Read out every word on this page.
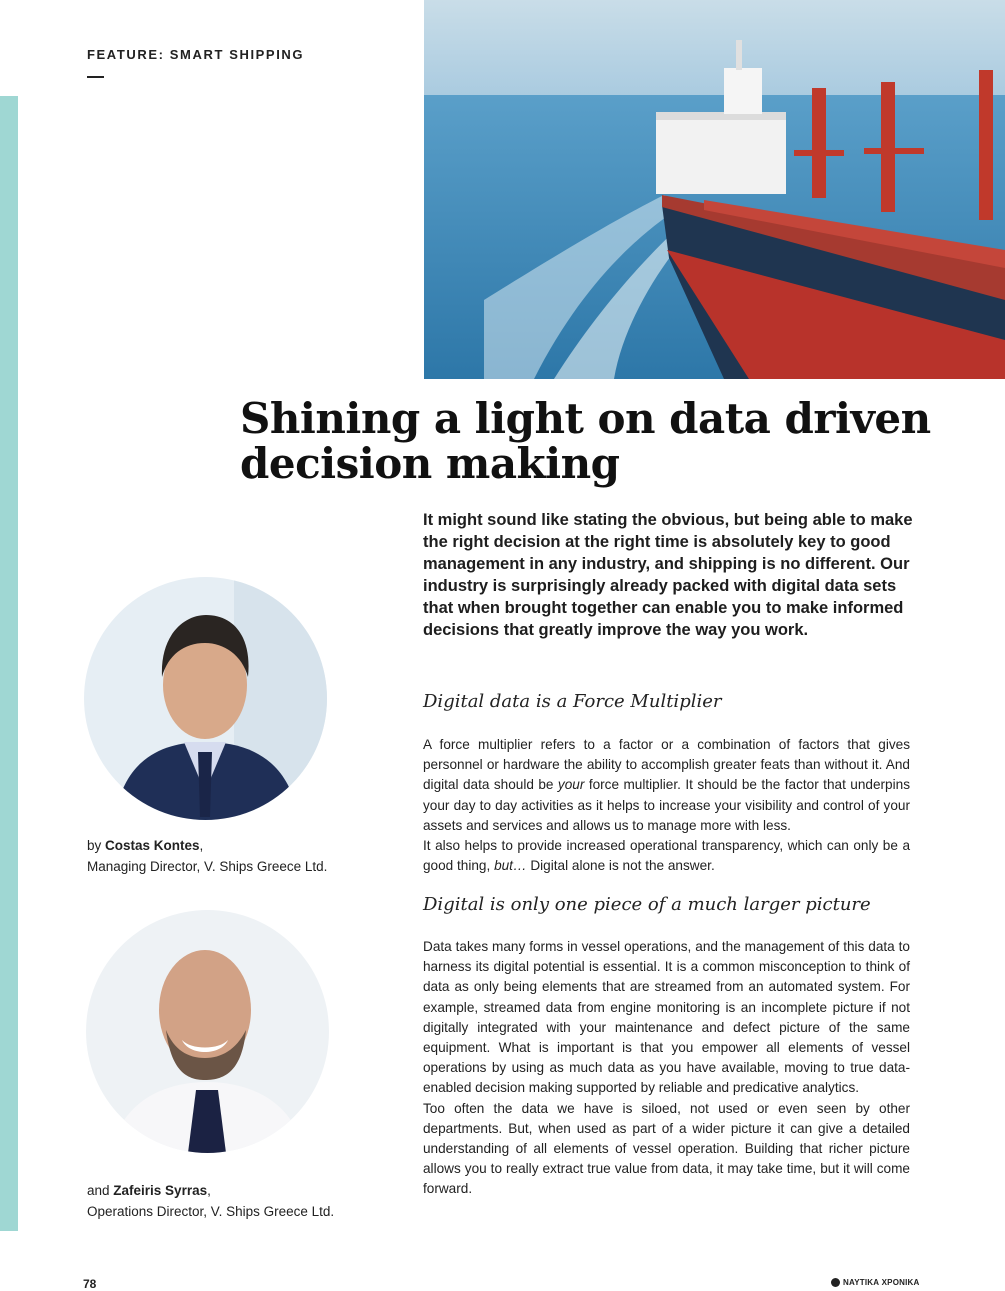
FEATURE: SMART SHIPPING
Shining a light on data driven decision making

It might sound like stating the obvious, but being able to make the right decision at the right time is absolutely key to good management in any industry, and shipping is no different. Our industry is surprisingly already packed with digital data sets that when brought together can enable you to make informed decisions that greatly improve the way you work.

Digital data is a Force Multiplier
A force multiplier refers to a factor or a combination of factors that gives personnel or hardware the ability to accomplish greater feats than without it. And digital data should be your force multiplier. It should be the factor that underpins your day to day activities as it helps to increase your visibility and control of your assets and services and allows us to manage more with less.
It also helps to provide increased operational transparency, which can only be a good thing, but… Digital alone is not the answer.
Digital is only one piece of a much larger picture
Data takes many forms in vessel operations, and the management of this data to harness its digital potential is essential. It is a common misconception to think of data as only being elements that are streamed from an automated system. For example, streamed data from engine monitoring is an incomplete picture if not digitally integrated with your maintenance and defect picture of the same equipment. What is important is that you empower all elements of vessel operations by using as much data as you have available, moving to true data-enabled decision making supported by reliable and predicative analytics.
Too often the data we have is siloed, not used or even seen by other departments. But, when used as part of a wider picture it can give a detailed understanding of all elements of vessel operation. Building that richer picture allows you to really extract true value from data, it may take time, but it will come forward.
by Costas Kontes,
Managing Director, V. Ships Greece Ltd.
and Zafeiris Syrras,
Operations Director, V. Ships Greece Ltd.
78	ΝΑΥΤΙΚΑ ΧΡΟΝΙΚΑ
